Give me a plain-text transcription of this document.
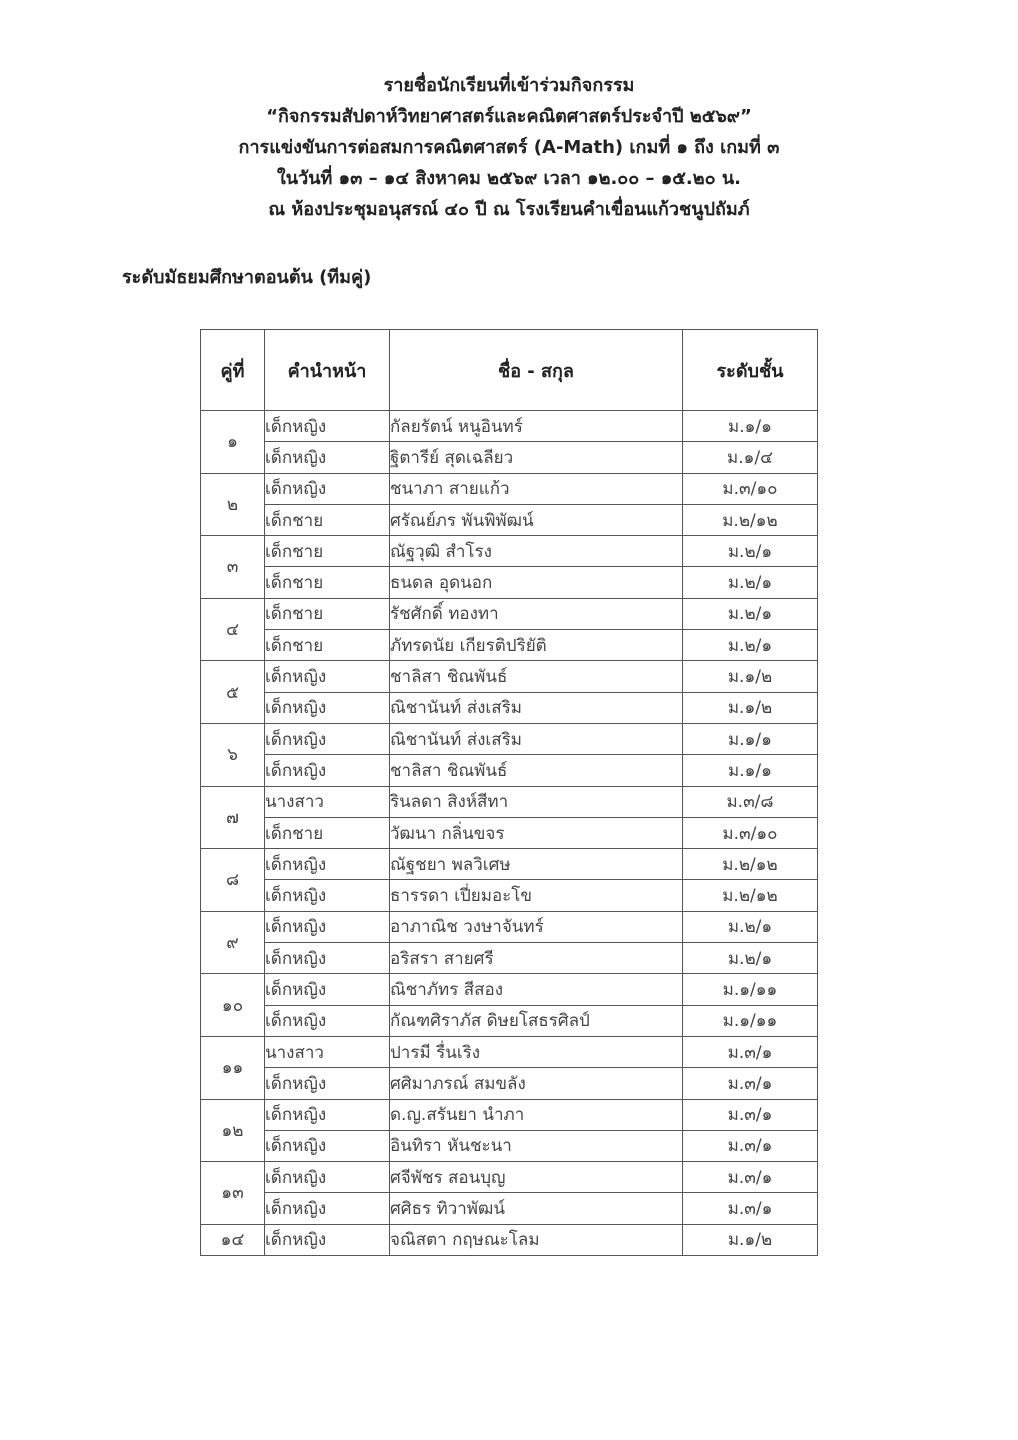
รายชื่อนักเรียนที่เข้าร่วมกิจกรรม
“กิจกรรมสัปดาห์วิทยาศาสตร์และคณิตศาสตร์ประจำปี ๒๕๖๙”
การแข่งขันการต่อสมการคณิตศาสตร์ (A-Math) เกมที่ ๑ ถึง เกมที่ ๓
ในวันที่ ๑๓ – ๑๔ สิงหาคม ๒๕๖๙ เวลา ๑๒.๐๐ – ๑๕.๒๐ น.
ณ ห้องประชุมอนุสรณ์ ๔๐ ปี ณ โรงเรียนคำเขื่อนแก้วชนูปถัมภ์
ระดับมัธยมศึกษาตอนต้น (ทีมคู่)
คู่ที่	คำนำหน้า	ชื่อ - สกุล	ระดับชั้น
๑	เด็กหญิง	กัลยรัตน์ หนูอินทร์	ม.๑/๑
	เด็กหญิง	ฐิตารีย์ สุดเฉลียว	ม.๑/๔
๒	เด็กหญิง	ชนาภา สายแก้ว	ม.๓/๑๐
	เด็กชาย	ศรัณย์ภร พันพิพัฒน์	ม.๒/๑๒
๓	เด็กชาย	ณัฐวุฒิ สำโรง	ม.๒/๑
	เด็กชาย	ธนดล อุดนอก	ม.๒/๑
๔	เด็กชาย	รัชศักดิ์ ทองทา	ม.๒/๑
	เด็กชาย	ภัทรดนัย เกียรติปริยัติ	ม.๒/๑
๕	เด็กหญิง	ชาลิสา ชิณพันธ์	ม.๑/๒
	เด็กหญิง	ณิชานันท์ ส่งเสริม	ม.๑/๒
๖	เด็กหญิง	ณิชานันท์ ส่งเสริม	ม.๑/๑
	เด็กหญิง	ชาลิสา ชิณพันธ์	ม.๑/๑
๗	นางสาว	รินลดา สิงห์สีทา	ม.๓/๘
	เด็กชาย	วัฒนา กลิ่นขจร	ม.๓/๑๐
๘	เด็กหญิง	ณัฐชยา พลวิเศษ	ม.๒/๑๒
	เด็กหญิง	ธารรดา เปี่ยมอะโข	ม.๒/๑๒
๙	เด็กหญิง	อาภาณิช วงษาจันทร์	ม.๒/๑
	เด็กหญิง	อริสรา สายศรี	ม.๒/๑
๑๐	เด็กหญิง	ณิชาภัทร สีสอง	ม.๑/๑๑
	เด็กหญิง	กัณฑศิราภัส ดิษยโสธรศิลป์	ม.๑/๑๑
๑๑	นางสาว	ปารมี รื่นเริง	ม.๓/๑
	เด็กหญิง	ศศิมาภรณ์ สมขลัง	ม.๓/๑
๑๒	เด็กหญิง	ด.ญ.สรันยา นำภา	ม.๓/๑
	เด็กหญิง	อินทิรา หันชะนา	ม.๓/๑
๑๓	เด็กหญิง	ศจีพัชร สอนบุญ	ม.๓/๑
	เด็กหญิง	ศศิธร ทิวาพัฒน์	ม.๓/๑
๑๔	เด็กหญิง	จณิสตา กฤษณะโลม	ม.๑/๒
